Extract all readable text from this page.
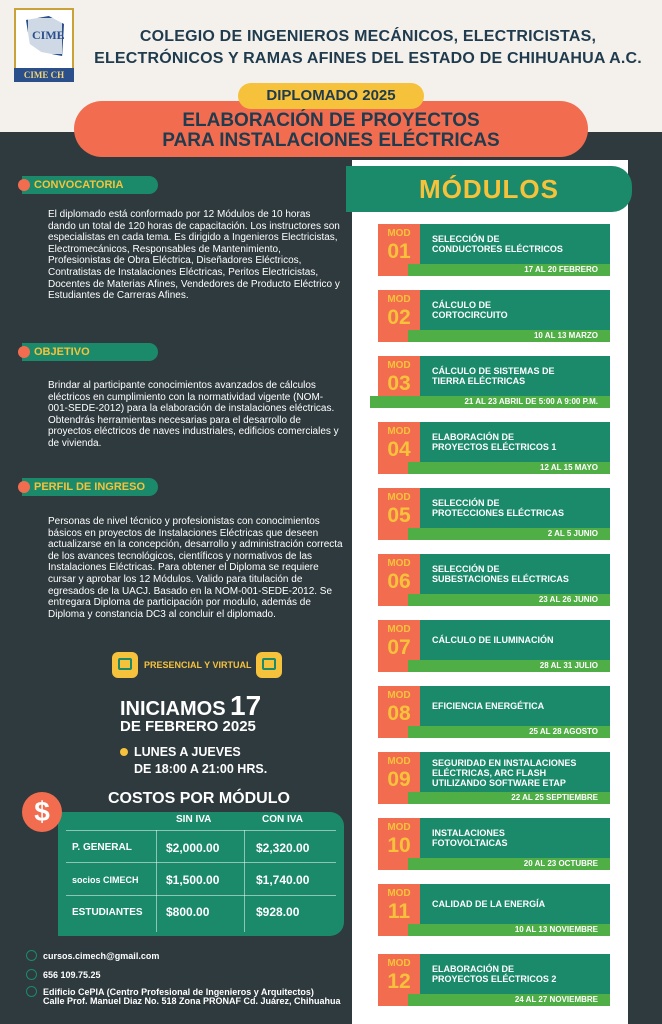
CIME
CIME CH
COLEGIO DE INGENIEROS MECÁNICOS, ELECTRICISTAS,
ELECTRÓNICOS Y RAMAS AFINES DEL ESTADO DE CHIHUAHUA A.C.
DIPLOMADO 2025
ELABORACIÓN DE PROYECTOS
PARA INSTALACIONES ELÉCTRICAS
CONVOCATORIA
El diplomado está conformado por 12 Módulos de 10 horas dando un total de 120 horas de capacitación. Los instructores son especialistas en cada tema. Es dirigido a Ingenieros Electricistas, Electromecánicos, Responsables de Mantenimiento, Profesionistas de Obra Eléctrica, Diseñadores Eléctricos, Contratistas de Instalaciones Eléctricas, Peritos Electricistas, Docentes de Materias Afines, Vendedores de Producto Eléctrico y Estudiantes de Carreras Afines.
OBJETIVO
Brindar al participante conocimientos avanzados de cálculos eléctricos en cumplimiento con la normatividad vigente (NOM-001-SEDE-2012) para la elaboración de instalaciones eléctricas. Obtendrás herramientas necesarias para el desarrollo de proyectos eléctricos de naves industriales, edificios comerciales y de vivienda.
PERFIL DE INGRESO
Personas de nivel técnico y profesionistas con conocimientos básicos en proyectos de Instalaciones Eléctricas que deseen actualizarse en la concepción, desarrollo y administración correcta de los avances tecnológicos, científicos y normativos de las Instalaciones Eléctricas. Para obtener el Diploma se requiere cursar y aprobar los 12 Módulos. Valido para titulación de egresados de la UACJ. Basado en la NOM-001-SEDE-2012. Se entregara Diploma de participación por modulo, además de Diploma y constancia DC3 al concluir el diplomado.
PRESENCIAL Y VIRTUAL
INICIAMOS 17
DE FEBRERO 2025
LUNES A JUEVES
DE 18:00 A 21:00 HRS.
COSTOS POR MÓDULO
$	SIN IVA	CON IVA
P. GENERAL	$2,000.00	$2,320.00
socios CIMECH $1,500.00	$1,740.00
ESTUDIANTES $800.00	$928.00
cursos.cimech@gmail.com
656 109.75.25
Edificio CePIA (Centro Profesional de Ingenieros y Arquitectos)
Calle Prof. Manuel Diaz No. 518 Zona PRONAF Cd. Juárez, Chihuahua
MÓDULOS
MOD
01
SELECCIÓN DE
CONDUCTORES ELÉCTRICOS
17 AL 20 FEBRERO
MOD
02
CÁLCULO DE
CORTOCIRCUITO
10 AL 13 MARZO
MOD
03
CÁLCULO DE SISTEMAS DE
TIERRA ELÉCTRICAS
21 AL 23 ABRIL DE 5:00 A 9:00 P.M.
MOD
04
ELABORACIÓN DE
PROYECTOS ELÉCTRICOS 1
12 AL 15 MAYO
MOD
05
SELECCIÓN DE
PROTECCIONES ELÉCTRICAS
2 AL 5 JUNIO
MOD
06
SELECCIÓN DE
SUBESTACIONES ELÉCTRICAS
23 AL 26 JUNIO
MOD
07	CÁLCULO DE ILUMINACIÓN
28 AL 31 JULIO
MOD
08	EFICIENCIA ENERGÉTICA
25 AL 28 AGOSTO
MOD
09
SEGURIDAD EN INSTALACIONES
ELÉCTRICAS, ARC FLASH
UTILIZANDO SOFTWARE ETAP
22 AL 25 SEPTIEMBRE
MOD
10
INSTALACIONES
FOTOVOLTAICAS
20 AL 23 OCTUBRE
MOD
11	CALIDAD DE LA ENERGÍA
10 AL 13 NOVIEMBRE
MOD
12
ELABORACIÓN DE
PROYECTOS ELÉCTRICOS 2
24 AL 27 NOVIEMBRE
